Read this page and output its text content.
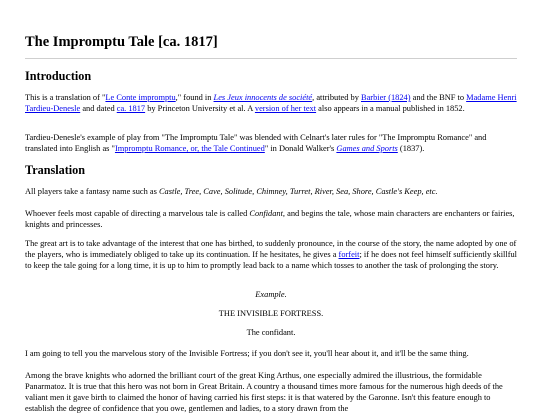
The Impromptu Tale [ca. 1817]
Introduction

This is a translation of "Le Conte impromptu," found in Les Jeux innocents de société, attributed by Barbier (1824) and the BNF to Madame Henri Tardieu-Denesle and dated ca. 1817 by Princeton University et al. A version of her text also appears in a manual published in 1852.

Tardieu-Denesle's example of play from "The Impromptu Tale" was blended with Celnart's later rules for "The Impromptu Romance" and translated into English as "Impromptu Romance, or, the Tale Continued" in Donald Walker's Games and Sports (1837).

Translation

All players take a fantasy name such as Castle, Tree, Cave, Solitude, Chimney, Turret, River, Sea, Shore, Castle's Keep, etc.

Whoever feels most capable of directing a marvelous tale is called Confidant, and begins the tale, whose main characters are enchanters or fairies, knights and princesses.

The great art is to take advantage of the interest that one has birthed, to suddenly pronounce, in the course of the story, the name adopted by one of the players, who is immediately obliged to take up its continuation. If he hesitates, he gives a forfeit; if he does not feel himself sufficiently skillful to keep the tale going for a long time, it is up to him to promptly lead back to a name which tosses to another the task of prolonging the story.

Example.

THE INVISIBLE FORTRESS.

The confidant.

I am going to tell you the marvelous story of the Invisible Fortress; if you don't see it, you'll hear about it, and it'll be the same thing.

Among the brave knights who adorned the brilliant court of the great King Arthus, one especially admired the illustrious, the formidable Panarmatoz. It is true that this hero was not born in Great Britain. A country a thousand times more famous for the numerous high deeds of the valiant men it gave birth to claimed the honor of having carried his first steps: it is that watered by the Garonne. Isn't this feature enough to establish the degree of confidence that you owe, gentlemen and ladies, to a story drawn from the
